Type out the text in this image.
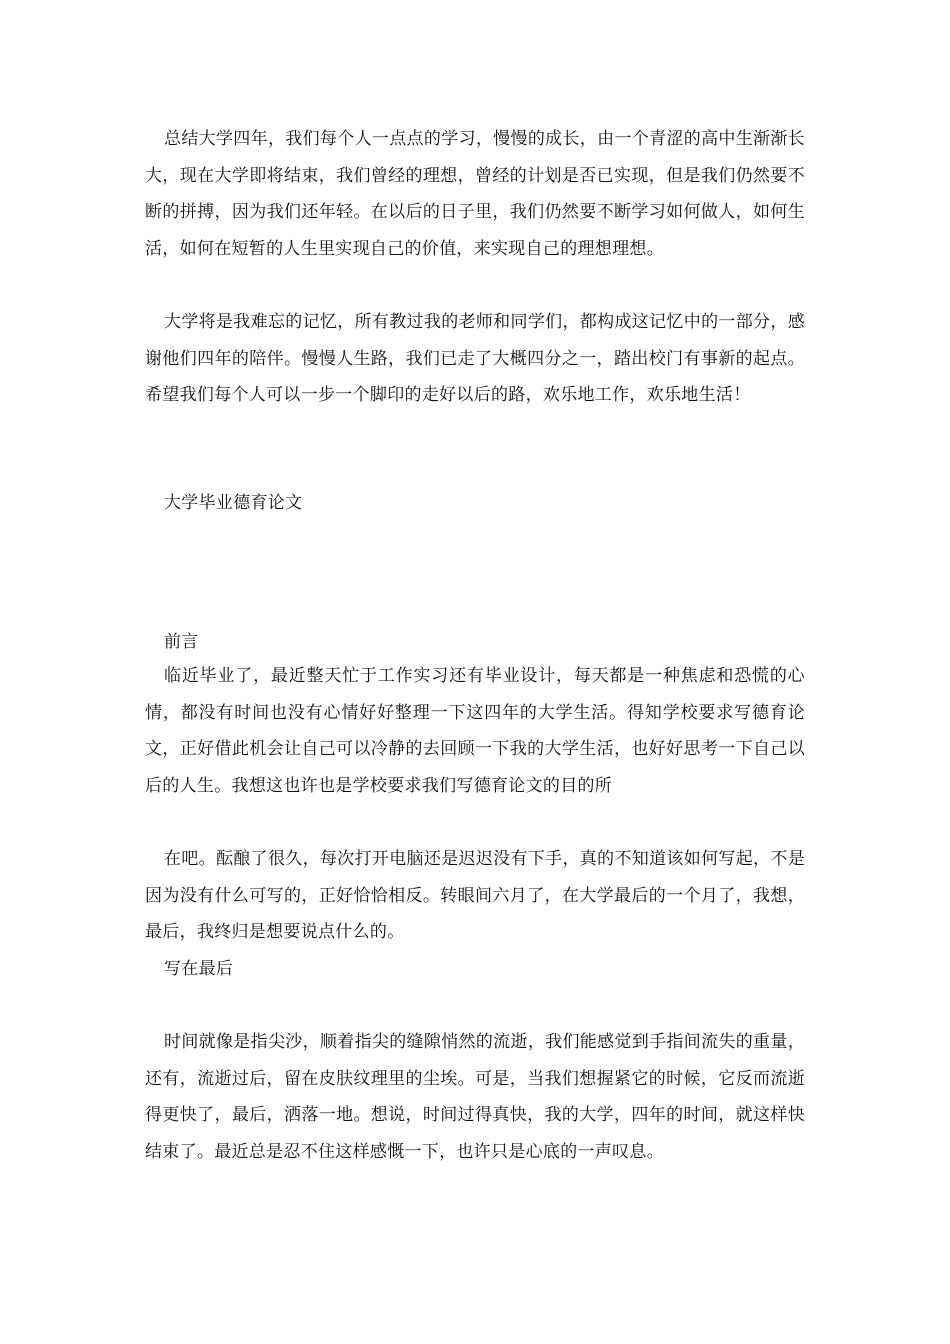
总结大学四年，我们每个人一点点的学习，慢慢的成长，由一个青涩的高中生渐渐长大，现在大学即将结束，我们曾经的理想，曾经的计划是否已实现，但是我们仍然要不断的拼搏，因为我们还年轻。在以后的日子里，我们仍然要不断学习如何做人，如何生活，如何在短暂的人生里实现自己的价值，来实现自己的理想理想。

大学将是我难忘的记忆，所有教过我的老师和同学们，都构成这记忆中的一部分，感谢他们四年的陪伴。慢慢人生路，我们已走了大概四分之一，踏出校门有事新的起点。希望我们每个人可以一步一个脚印的走好以后的路，欢乐地工作，欢乐地生活！

大学毕业德育论文

前言

临近毕业了，最近整天忙于工作实习还有毕业设计，每天都是一种焦虑和恐慌的心情，都没有时间也没有心情好好整理一下这四年的大学生活。得知学校要求写德育论文，正好借此机会让自己可以冷静的去回顾一下我的大学生活，也好好思考一下自己以后的人生。我想这也许也是学校要求我们写德育论文的目的所

在吧。酝酿了很久，每次打开电脑还是迟迟没有下手，真的不知道该如何写起，不是因为没有什么可写的，正好恰恰相反。转眼间六月了，在大学最后的一个月了，我想，最后，我终归是想要说点什么的。

写在最后

时间就像是指尖沙，顺着指尖的缝隙悄然的流逝，我们能感觉到手指间流失的重量，还有，流逝过后，留在皮肤纹理里的尘埃。可是，当我们想握紧它的时候，它反而流逝得更快了，最后，洒落一地。想说，时间过得真快，我的大学，四年的时间，就这样快结束了。最近总是忍不住这样感慨一下，也许只是心底的一声叹息。
